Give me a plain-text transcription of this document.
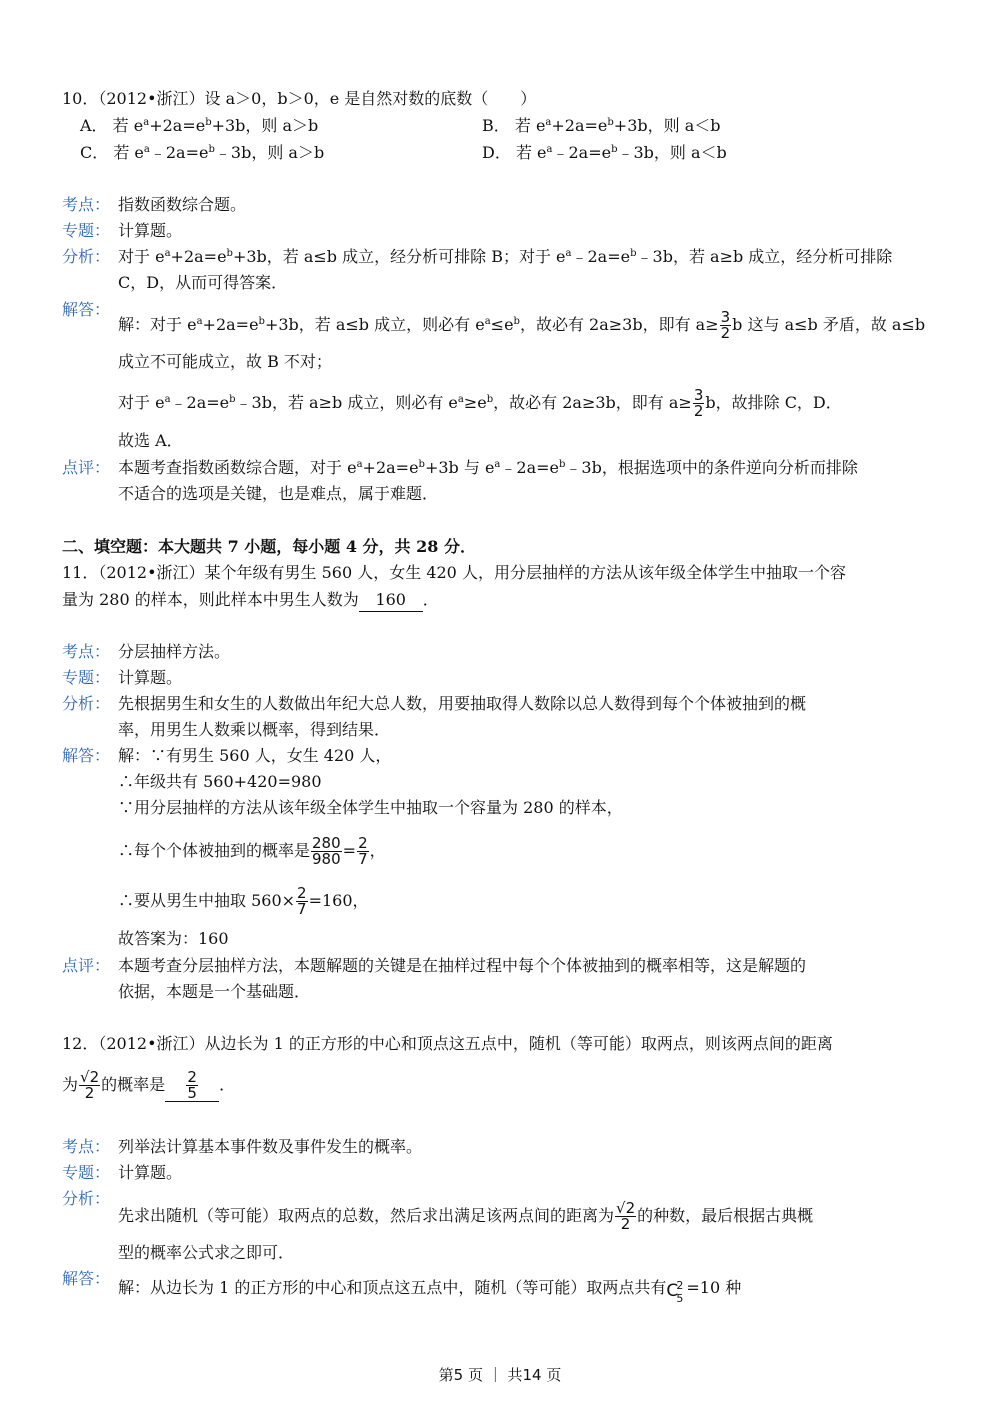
10．（2012•浙江）设 a＞0，b＞0，e 是自然对数的底数（　　）
A． 若 $e^a+2a=e^b+3b$，则 a＞b	B． 若 $e^a+2a=e^b+3b$，则 a＜b
C． 若 $e^a﹣2a=e^b﹣3b$，则 a＞b	D． 若 $e^a﹣2a=e^b﹣3b$，则 a＜b
考点： 指数函数综合题。
专题： 计算题。
分析： 对于 $e^a+2a=e^b+3b$，若 a≤b 成立，经分析可排除 B；对于 $e^a﹣2a=e^b﹣3b$，若 a≥b 成立，经分析可排除
C，D，从而可得答案．
解答：
解：对于 $e^a+2a=e^b+3b$，若 a≤b 成立，则必有 $e^a\le e^b$，故必有 2a≥3b，即有 $a\ge \frac{3}{2}$ b 这与 a≤b 矛盾，故 a≤b
成立不可能成立，故 B 不对；
对于 $e^a﹣2a=e^b﹣3b$，若 a≥b 成立，则必有 $e^a\ge e^b$，故必有 2a≥3b，即有 $a\ge \frac{3}{2}$ b，故排除 C，D．
故选 A．
点评： 本题考查指数函数综合题，对于 $e^a+2a=e^b+3b$ 与 $e^a﹣2a=e^b﹣3b$，根据选项中的条件逆向分析而排除
不适合的选项是关键，也是难点，属于难题．
二、填空题：本大题共 7 小题，每小题 4 分，共 28 分．
11．（2012•浙江）某个年级有男生 560 人，女生 420 人，用分层抽样的方法从该年级全体学生中抽取一个容
量为 280 的样本，则此样本中男生人数为 160 ．
考点： 分层抽样方法。
专题： 计算题。
分析： 先根据男生和女生的人数做出年纪大总人数，用要抽取得人数除以总人数得到每个个体被抽到的概
率，用男生人数乘以概率，得到结果．
解答： 解：∵有男生 560 人，女生 420 人，
∴年级共有 560+420=980
∵用分层抽样的方法从该年级全体学生中抽取一个容量为 280 的样本，
∴每个个体被抽到的概率是 $\frac{280}{980} = \frac{2}{7}$ ，
∴要从男生中抽取 $560\times \frac{2}{7} =160$，
故答案为：160
点评： 本题考查分层抽样方法，本题解题的关键是在抽样过程中每个个体被抽到的概率相等，这是解题的
依据，本题是一个基础题．
12．（2012•浙江）从边长为 1 的正方形的中心和顶点这五点中，随机（等可能）取两点，则该两点间的距离
为 $\frac{√2}{2}$ 的概率是 $\frac{2}{5}$ ．
考点： 列举法计算基本事件数及事件发生的概率。
专题： 计算题。
分析：
先求出随机（等可能）取两点的总数，然后求出满足该两点间的距离为 $\frac{√2}{2}$ 的种数，最后根据古典概
型的概率公式求之即可．
解答： 解：从边长为 1 的正方形的中心和顶点这五点中，随机（等可能）取两点共有 C
2
5
=10 种
第5 页 ｜ 共14 页
